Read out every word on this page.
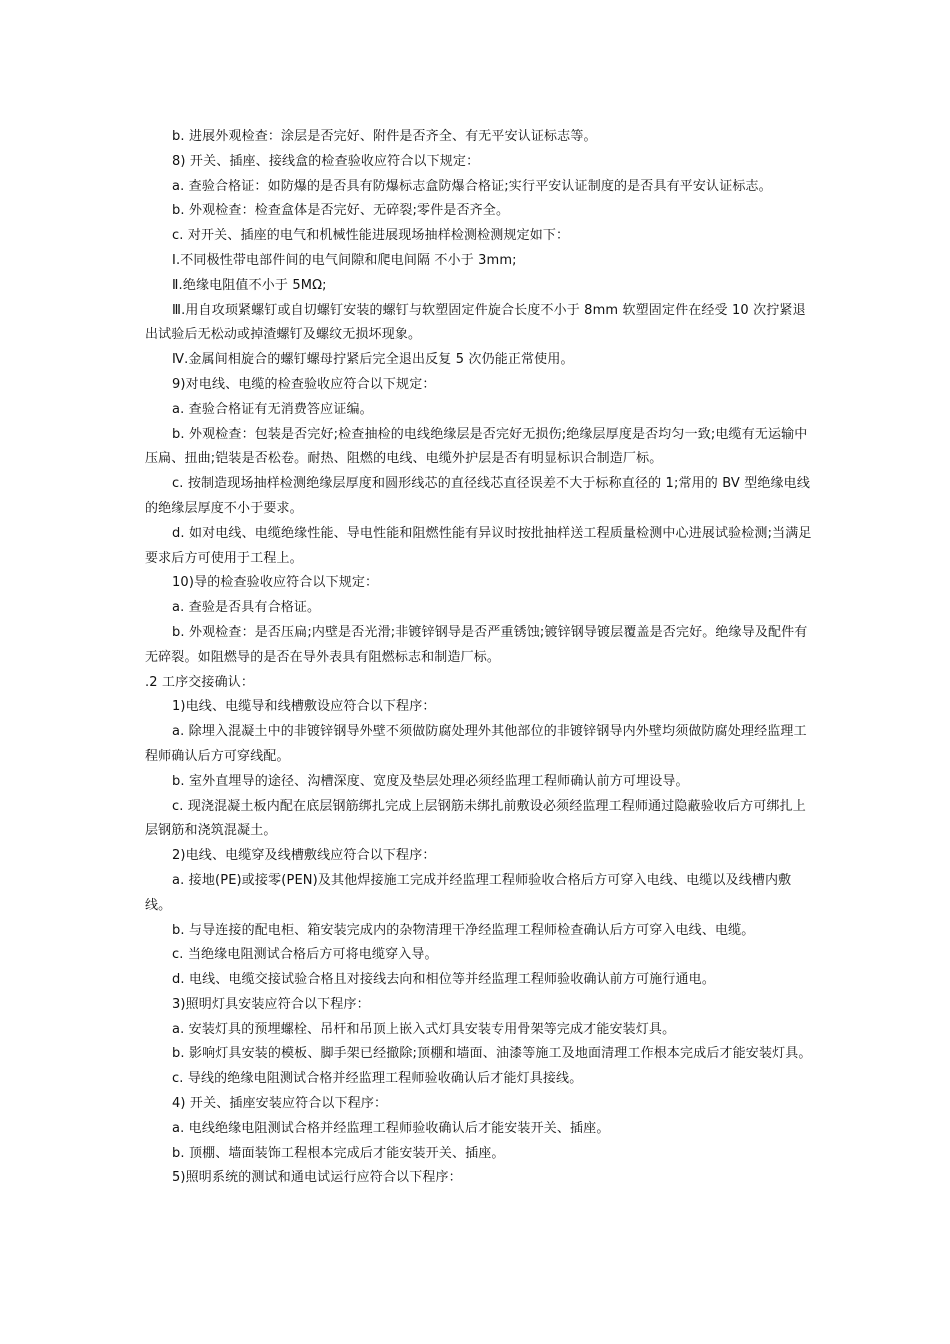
b. 进展外观检查：涂层是否完好、附件是否齐全、有无平安认证标志等。

8) 开关、插座、接线盒的检查验收应符合以下规定：

a. 查验合格证：如防爆的是否具有防爆标志盒防爆合格证;实行平安认证制度的是否具有平安认证标志。

b. 外观检查：检查盒体是否完好、无碎裂;零件是否齐全。

c. 对开关、插座的电气和机械性能进展现场抽样检测检测规定如下：

Ⅰ.不同极性带电部件间的电气间隙和爬电间隔 不小于 3mm;

Ⅱ.绝缘电阻值不小于 5MΩ;

Ⅲ.用自攻顼紧螺钉或自切螺钉安装的螺钉与软塑固定件旋合长度不小于 8mm 软塑固定件在经受 10 次拧紧退出试验后无松动或掉渣螺钉及螺纹无损坏现象。

Ⅳ.金属间相旋合的螺钉螺母拧紧后完全退出反复 5 次仍能正常使用。

9)对电线、电缆的检查验收应符合以下规定：

a. 查验合格证有无消费答应证编。

b. 外观检查：包装是否完好;检查抽检的电线绝缘层是否完好无损伤;绝缘层厚度是否均匀一致;电缆有无运输中压扁、扭曲;铠装是否松卷。耐热、阻燃的电线、电缆外护层是否有明显标识合制造厂标。

c. 按制造现场抽样检测绝缘层厚度和圆形线芯的直径线芯直径误差不大于标称直径的 1;常用的 BV 型绝缘电线的绝缘层厚度不小于要求。

d. 如对电线、电缆绝缘性能、导电性能和阻燃性能有异议时按批抽样送工程质量检测中心进展试验检测;当满足要求后方可使用于工程上。

10)导的检查验收应符合以下规定：

a. 查验是否具有合格证。

b. 外观检查：是否压扁;内壁是否光滑;非镀锌钢导是否严重锈蚀;镀锌钢导镀层覆盖是否完好。绝缘导及配件有无碎裂。如阻燃导的是否在导外表具有阻燃标志和制造厂标。

.2 工序交接确认：

1)电线、电缆导和线槽敷设应符合以下程序：

a. 除埋入混凝土中的非镀锌钢导外壁不须做防腐处理外其他部位的非镀锌钢导内外壁均须做防腐处理经监理工程师确认后方可穿线配。

b. 室外直埋导的途径、沟槽深度、宽度及垫层处理必须经监理工程师确认前方可埋设导。

c. 现浇混凝土板内配在底层钢筋绑扎完成上层钢筋未绑扎前敷设必须经监理工程师通过隐蔽验收后方可绑扎上层钢筋和浇筑混凝土。

2)电线、电缆穿及线槽敷线应符合以下程序：

a. 接地(PE)或接零(PEN)及其他焊接施工完成并经监理工程师验收合格后方可穿入电线、电缆以及线槽内敷线。

b. 与导连接的配电柜、箱安装完成内的杂物清理干净经监理工程师检查确认后方可穿入电线、电缆。

c. 当绝缘电阻测试合格后方可将电缆穿入导。

d. 电线、电缆交接试验合格且对接线去向和相位等并经监理工程师验收确认前方可施行通电。

3)照明灯具安装应符合以下程序：

a. 安装灯具的预埋螺栓、吊杆和吊顶上嵌入式灯具安装专用骨架等完成才能安装灯具。

b. 影响灯具安装的模板、脚手架已经撤除;顶棚和墙面、油漆等施工及地面清理工作根本完成后才能安装灯具。

c. 导线的绝缘电阻测试合格并经监理工程师验收确认后才能灯具接线。

4) 开关、插座安装应符合以下程序：

a. 电线绝缘电阻测试合格并经监理工程师验收确认后才能安装开关、插座。

b. 顶棚、墙面装饰工程根本完成后才能安装开关、插座。

5)照明系统的测试和通电试运行应符合以下程序：
